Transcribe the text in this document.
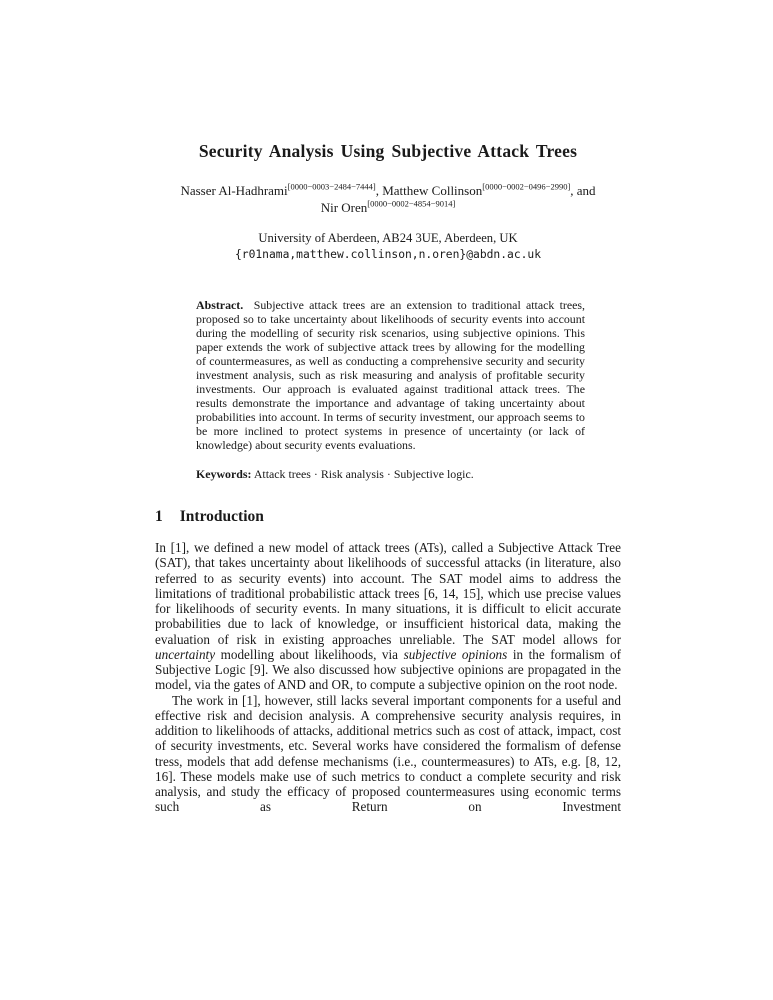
Security Analysis Using Subjective Attack Trees
Nasser Al-Hadhrami[0000−0003−2484−7444], Matthew Collinson[0000−0002−0496−2990], and Nir Oren[0000−0002−4854−9014]
University of Aberdeen, AB24 3UE, Aberdeen, UK
{r01nama,matthew.collinson,n.oren}@abdn.ac.uk

Abstract. Subjective attack trees are an extension to traditional attack trees, proposed so to take uncertainty about likelihoods of security events into account during the modelling of security risk scenarios, using subjective opinions. This paper extends the work of subjective attack trees by allowing for the modelling of countermeasures, as well as conducting a comprehensive security and security investment analysis, such as risk measuring and analysis of profitable security investments. Our approach is evaluated against traditional attack trees. The results demonstrate the importance and advantage of taking uncertainty about probabilities into account. In terms of security investment, our approach seems to be more inclined to protect systems in presence of uncertainty (or lack of knowledge) about security events evaluations.

Keywords: Attack trees · Risk analysis · Subjective logic.

1 Introduction

In [1], we defined a new model of attack trees (ATs), called a Subjective Attack Tree (SAT), that takes uncertainty about likelihoods of successful attacks (in literature, also referred to as security events) into account. The SAT model aims to address the limitations of traditional probabilistic attack trees [6, 14, 15], which use precise values for likelihoods of security events. In many situations, it is difficult to elicit accurate probabilities due to lack of knowledge, or insufficient historical data, making the evaluation of risk in existing approaches unreliable. The SAT model allows for uncertainty modelling about likelihoods, via subjective opinions in the formalism of Subjective Logic [9]. We also discussed how subjective opinions are propagated in the model, via the gates of AND and OR, to compute a subjective opinion on the root node.

The work in [1], however, still lacks several important components for a useful and effective risk and decision analysis. A comprehensive security analysis requires, in addition to likelihoods of attacks, additional metrics such as cost of attack, impact, cost of security investments, etc. Several works have considered the formalism of defense tress, models that add defense mechanisms (i.e., countermeasures) to ATs, e.g. [8, 12, 16]. These models make use of such metrics to conduct a complete security and risk analysis, and study the efficacy of proposed countermeasures using economic terms such as Return on Investment
